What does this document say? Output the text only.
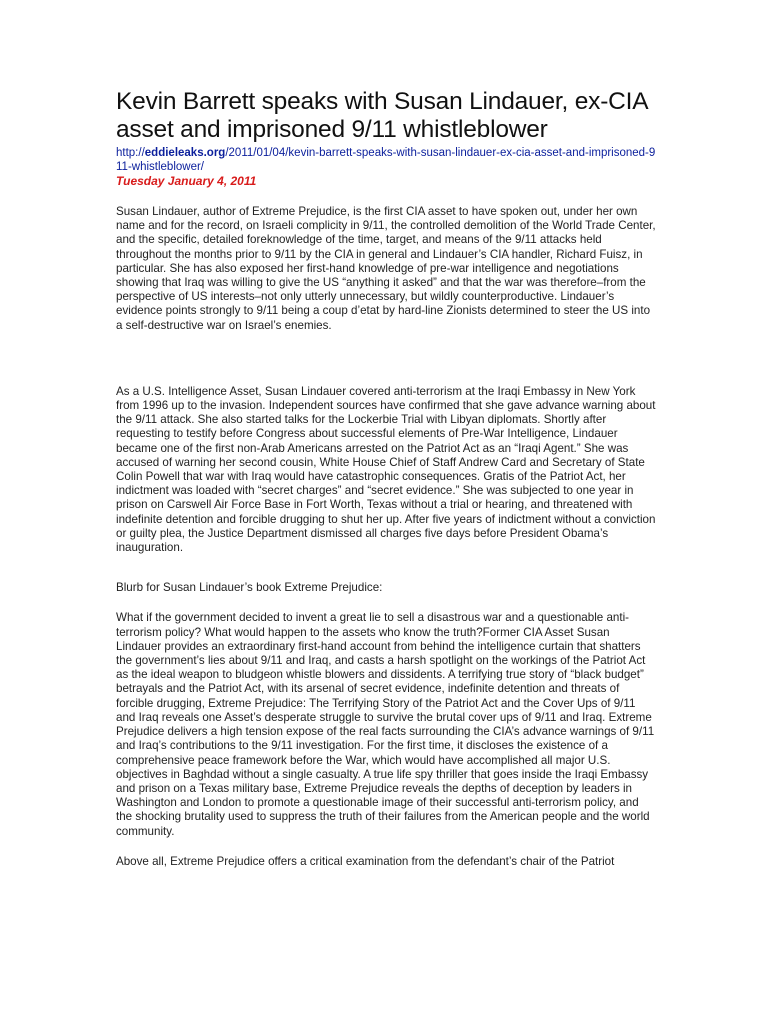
Kevin Barrett speaks with Susan Lindauer, ex-CIA asset and imprisoned 9/11 whistleblower
http://eddieleaks.org/2011/01/04/kevin-barrett-speaks-with-susan-lindauer-ex-cia-asset-and-imprisoned-911-whistleblower/
Tuesday January 4, 2011

Susan Lindauer, author of Extreme Prejudice, is the first CIA asset to have spoken out, under her own name and for the record, on Israeli complicity in 9/11, the controlled demolition of the World Trade Center, and the specific, detailed foreknowledge of the time, target, and means of the 9/11 attacks held throughout the months prior to 9/11 by the CIA in general and Lindauer’s CIA handler, Richard Fuisz, in particular. She has also exposed her first-hand knowledge of pre-war intelligence and negotiations showing that Iraq was willing to give the US “anything it asked” and that the war was therefore–from the perspective of US interests–not only utterly unnecessary, but wildly counterproductive. Lindauer’s evidence points strongly to 9/11 being a coup d’etat by hard-line Zionists determined to steer the US into a self-destructive war on Israel’s enemies.

As a U.S. Intelligence Asset, Susan Lindauer covered anti-terrorism at the Iraqi Embassy in New York from 1996 up to the invasion. Independent sources have confirmed that she gave advance warning about the 9/11 attack. She also started talks for the Lockerbie Trial with Libyan diplomats. Shortly after requesting to testify before Congress about successful elements of Pre-War Intelligence, Lindauer became one of the first non-Arab Americans arrested on the Patriot Act as an “Iraqi Agent.” She was accused of warning her second cousin, White House Chief of Staff Andrew Card and Secretary of State Colin Powell that war with Iraq would have catastrophic consequences. Gratis of the Patriot Act, her indictment was loaded with “secret charges” and “secret evidence.” She was subjected to one year in prison on Carswell Air Force Base in Fort Worth, Texas without a trial or hearing, and threatened with indefinite detention and forcible drugging to shut her up. After five years of indictment without a conviction or guilty plea, the Justice Department dismissed all charges five days before President Obama’s inauguration.

Blurb for Susan Lindauer’s book Extreme Prejudice:

What if the government decided to invent a great lie to sell a disastrous war and a questionable anti-terrorism policy? What would happen to the assets who know the truth?Former CIA Asset Susan Lindauer provides an extraordinary first-hand account from behind the intelligence curtain that shatters the government’s lies about 9/11 and Iraq, and casts a harsh spotlight on the workings of the Patriot Act as the ideal weapon to bludgeon whistle blowers and dissidents. A terrifying true story of “black budget” betrayals and the Patriot Act, with its arsenal of secret evidence, indefinite detention and threats of forcible drugging, Extreme Prejudice: The Terrifying Story of the Patriot Act and the Cover Ups of 9/11 and Iraq reveals one Asset’s desperate struggle to survive the brutal cover ups of 9/11 and Iraq. Extreme Prejudice delivers a high tension expose of the real facts surrounding the CIA’s advance warnings of 9/11 and Iraq’s contributions to the 9/11 investigation. For the first time, it discloses the existence of a comprehensive peace framework before the War, which would have accomplished all major U.S. objectives in Baghdad without a single casualty. A true life spy thriller that goes inside the Iraqi Embassy and prison on a Texas military base, Extreme Prejudice reveals the depths of deception by leaders in Washington and London to promote a questionable image of their successful anti-terrorism policy, and the shocking brutality used to suppress the truth of their failures from the American people and the world community.

Above all, Extreme Prejudice offers a critical examination from the defendant’s chair of the Patriot
